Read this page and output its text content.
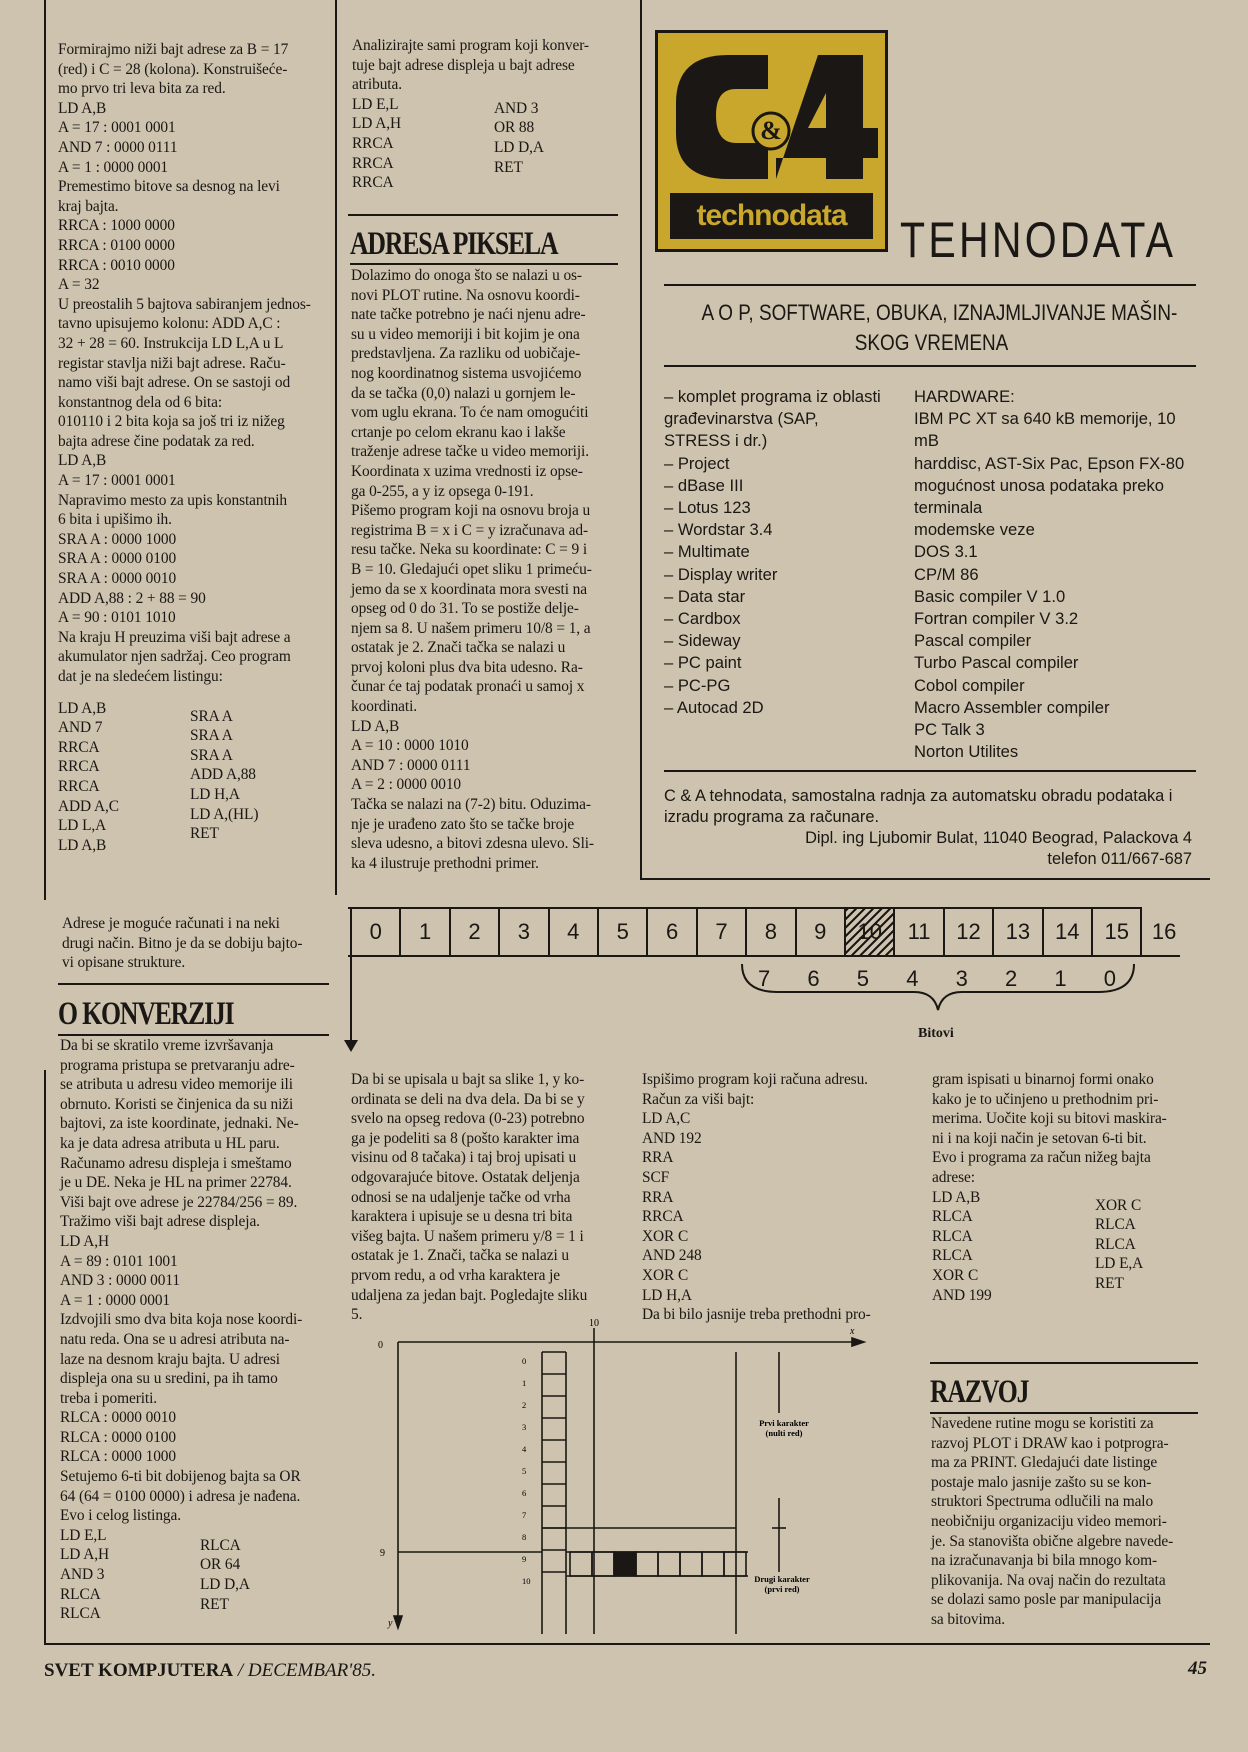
Formirajmo niži bajt adrese za B = 17
(red) i C = 28 (kolona). Konstruišeće-
mo prvo tri leva bita za red.
LD A,B
A = 17 : 0001 0001
AND 7 : 0000 0111
A = 1 : 0000 0001
Premestimo bitove sa desnog na levi
kraj bajta.
RRCA : 1000 0000
RRCA : 0100 0000
RRCA : 0010 0000
A = 32
U preostalih 5 bajtova sabiranjem jednos-
tavno upisujemo kolonu: ADD A,C :
32 + 28 = 60. Instrukcija LD L,A u L
registar stavlja niži bajt adrese. Raču-
namo viši bajt adrese. On se sastoji od
konstantnog dela od 6 bita:
010110 i 2 bita koja sa još tri iz nižeg
bajta adrese čine podatak za red.
LD A,B
A = 17 : 0001 0001
Napravimo mesto za upis konstantnih
6 bita i upišimo ih.
SRA A : 0000 1000
SRA A : 0000 0100
SRA A : 0000 0010
ADD A,88 : 2 + 88 = 90
A = 90 : 0101 1010
Na kraju H preuzima viši bajt adrese a
akumulator njen sadržaj. Ceo program
dat je na sledećem listingu:
LD A,B
AND 7
RRCA
RRCA
RRCA
ADD A,C
LD L,A
LD A,B
SRA A
SRA A
SRA A
ADD A,88
LD H,A
LD A,(HL)
RET
Adrese je moguće računati i na neki
drugi način. Bitno je da se dobiju bajto-
vi opisane strukture.
Analizirajte sami program koji konver-
tuje bajt adrese displeja u bajt adrese
atributa.
LD E,L
LD A,H
RRCA
RRCA
RRCA
AND 3
OR 88
LD D,A
RET
ADRESA PIKSELA
Dolazimo do onoga što se nalazi u os-
novi PLOT rutine. Na osnovu koordi-
nate tačke potrebno je naći njenu adre-
su u video memoriji i bit kojim je ona
predstavljena. Za razliku od uobičaje-
nog koordinatnog sistema usvojićemo
da se tačka (0,0) nalazi u gornjem le-
vom uglu ekrana. To će nam omogućiti
crtanje po celom ekranu kao i lakše
traženje adrese tačke u video memoriji.
Koordinata x uzima vrednosti iz opse-
ga 0-255, a y iz opsega 0-191.
Pišemo program koji na osnovu broja u
registrima B = x i C = y izračunava ad-
resu tačke. Neka su koordinate: C = 9 i
B = 10. Gledajući opet sliku 1 primeću-
jemo da se x koordinata mora svesti na
opseg od 0 do 31. To se postiže delje-
njem sa 8. U našem primeru 10/8 = 1, a
ostatak je 2. Znači tačka se nalazi u
prvoj koloni plus dva bita udesno. Ra-
čunar će taj podatak pronaći u samoj x
koordinati.
LD A,B
A = 10 : 0000 1010
AND 7 : 0000 0111
A = 2 : 0000 0010
Tačka se nalazi na (7-2) bitu. Oduzima-
nje je urađeno zato što se tačke broje
sleva udesno, a bitovi zdesna ulevo. Sli-
ka 4 ilustruje prethodni primer.
&
technodata	TEHNODATA
A O P, SOFTWARE, OBUKA, IZNAJMLJIVANJE MAŠIN-
SKOG VREMENA
– komplet programa iz oblasti
građevinarstva (SAP,
STRESS i dr.)
– Project
– dBase III
– Lotus 123
– Wordstar 3.4
– Multimate
– Display writer
– Data star
– Cardbox
– Sideway
– PC paint
– PC-PG
– Autocad 2D
HARDWARE:
IBM PC XT sa 640 kB memorije, 10
mB
harddisc, AST-Six Pac, Epson FX-80
mogućnost unosa podataka preko
terminala
modemske veze
DOS 3.1
CP/M 86
Basic compiler V 1.0
Fortran compiler V 3.2
Pascal compiler
Turbo Pascal compiler
Cobol compiler
Macro Assembler compiler
PC Talk 3
Norton Utilites
C & A tehnodata, samostalna radnja za automatsku obradu podataka i
izradu programa za računare.
Dipl. ing Ljubomir Bulat, 11040 Beograd, Palackova 4
telefon 011/667-687
0	1	2	3	4	5	6	7	8	9	10	11	12	13	14	15	16
7 6 5 4 3 2 1 0
Bitovi
O KONVERZIJI
Da bi se skratilo vreme izvršavanja
programa pristupa se pretvaranju adre-
se atributa u adresu video memorije ili
obrnuto. Koristi se činjenica da su niži
bajtovi, za iste koordinate, jednaki. Ne-
ka je data adresa atributa u HL paru.
Računamo adresu displeja i smeštamo
je u DE. Neka je HL na primer 22784.
Viši bajt ove adrese je 22784/256 = 89.
Tražimo viši bajt adrese displeja.
LD A,H
A = 89 : 0101 1001
AND 3 : 0000 0011
A = 1 : 0000 0001
Izdvojili smo dva bita koja nose koordi-
natu reda. Ona se u adresi atributa na-
laze na desnom kraju bajta. U adresi
displeja ona su u sredini, pa ih tamo
treba i pomeriti.
RLCA : 0000 0010
RLCA : 0000 0100
RLCA : 0000 1000
Setujemo 6-ti bit dobijenog bajta sa OR
64 (64 = 0100 0000) i adresa je nađena.
Evo i celog listinga.
LD E,L
LD A,H
AND 3
RLCA
RLCA
RLCA
OR 64
LD D,A
RET
Da bi se upisala u bajt sa slike 1, y ko-
ordinata se deli na dva dela. Da bi se y
svelo na opseg redova (0-23) potrebno
ga je podeliti sa 8 (pošto karakter ima
visinu od 8 tačaka) i taj broj upisati u
odgovarajuće bitove. Ostatak deljenja
odnosi se na udaljenje tačke od vrha
karaktera i upisuje se u desna tri bita
višeg bajta. U našem primeru y/8 = 1 i
ostatak je 1. Znači, tačka se nalazi u
prvom redu, a od vrha karaktera je
udaljena za jedan bajt. Pogledajte sliku
5.
Ispišimo program koji računa adresu.
Račun za viši bajt:
LD A,C
AND 192
RRA
SCF
RRA
RRCA
XOR C
AND 248
XOR C
LD H,A
Da bi bilo jasnije treba prethodni pro-
gram ispisati u binarnoj formi onako
kako je to učinjeno u prethodnim pri-
merima. Uočite koji su bitovi maskira-
ni i na koji način je setovan 6-ti bit.
Evo i programa za račun nižeg bajta
adrese:
LD A,B
RLCA
RLCA
RLCA
XOR C
AND 199
XOR C
RLCA
RLCA
LD E,A
RET
RAZVOJ
Navedene rutine mogu se koristiti za
razvoj PLOT i DRAW kao i potprogra-
ma za PRINT. Gledajući date listinge
postaje malo jasnije zašto su se kon-
struktori Spectruma odlučili na malo
neobičniju organizaciju video memori-
je. Sa stanovišta obične algebre navede-
na izračunavanja bi bila mnogo kom-
plikovanija. Na ovaj način do rezultata
se dolazi samo posle par manipulacija
sa bitovima.
0
1
2
3
4
5
6
7
8
9
10
10
0
9
x
y
Prvi karakter
(nulti red)
Drugi karakter
(prvi red)
SVET KOMPJUTERA / DECEMBAR'85.	45
